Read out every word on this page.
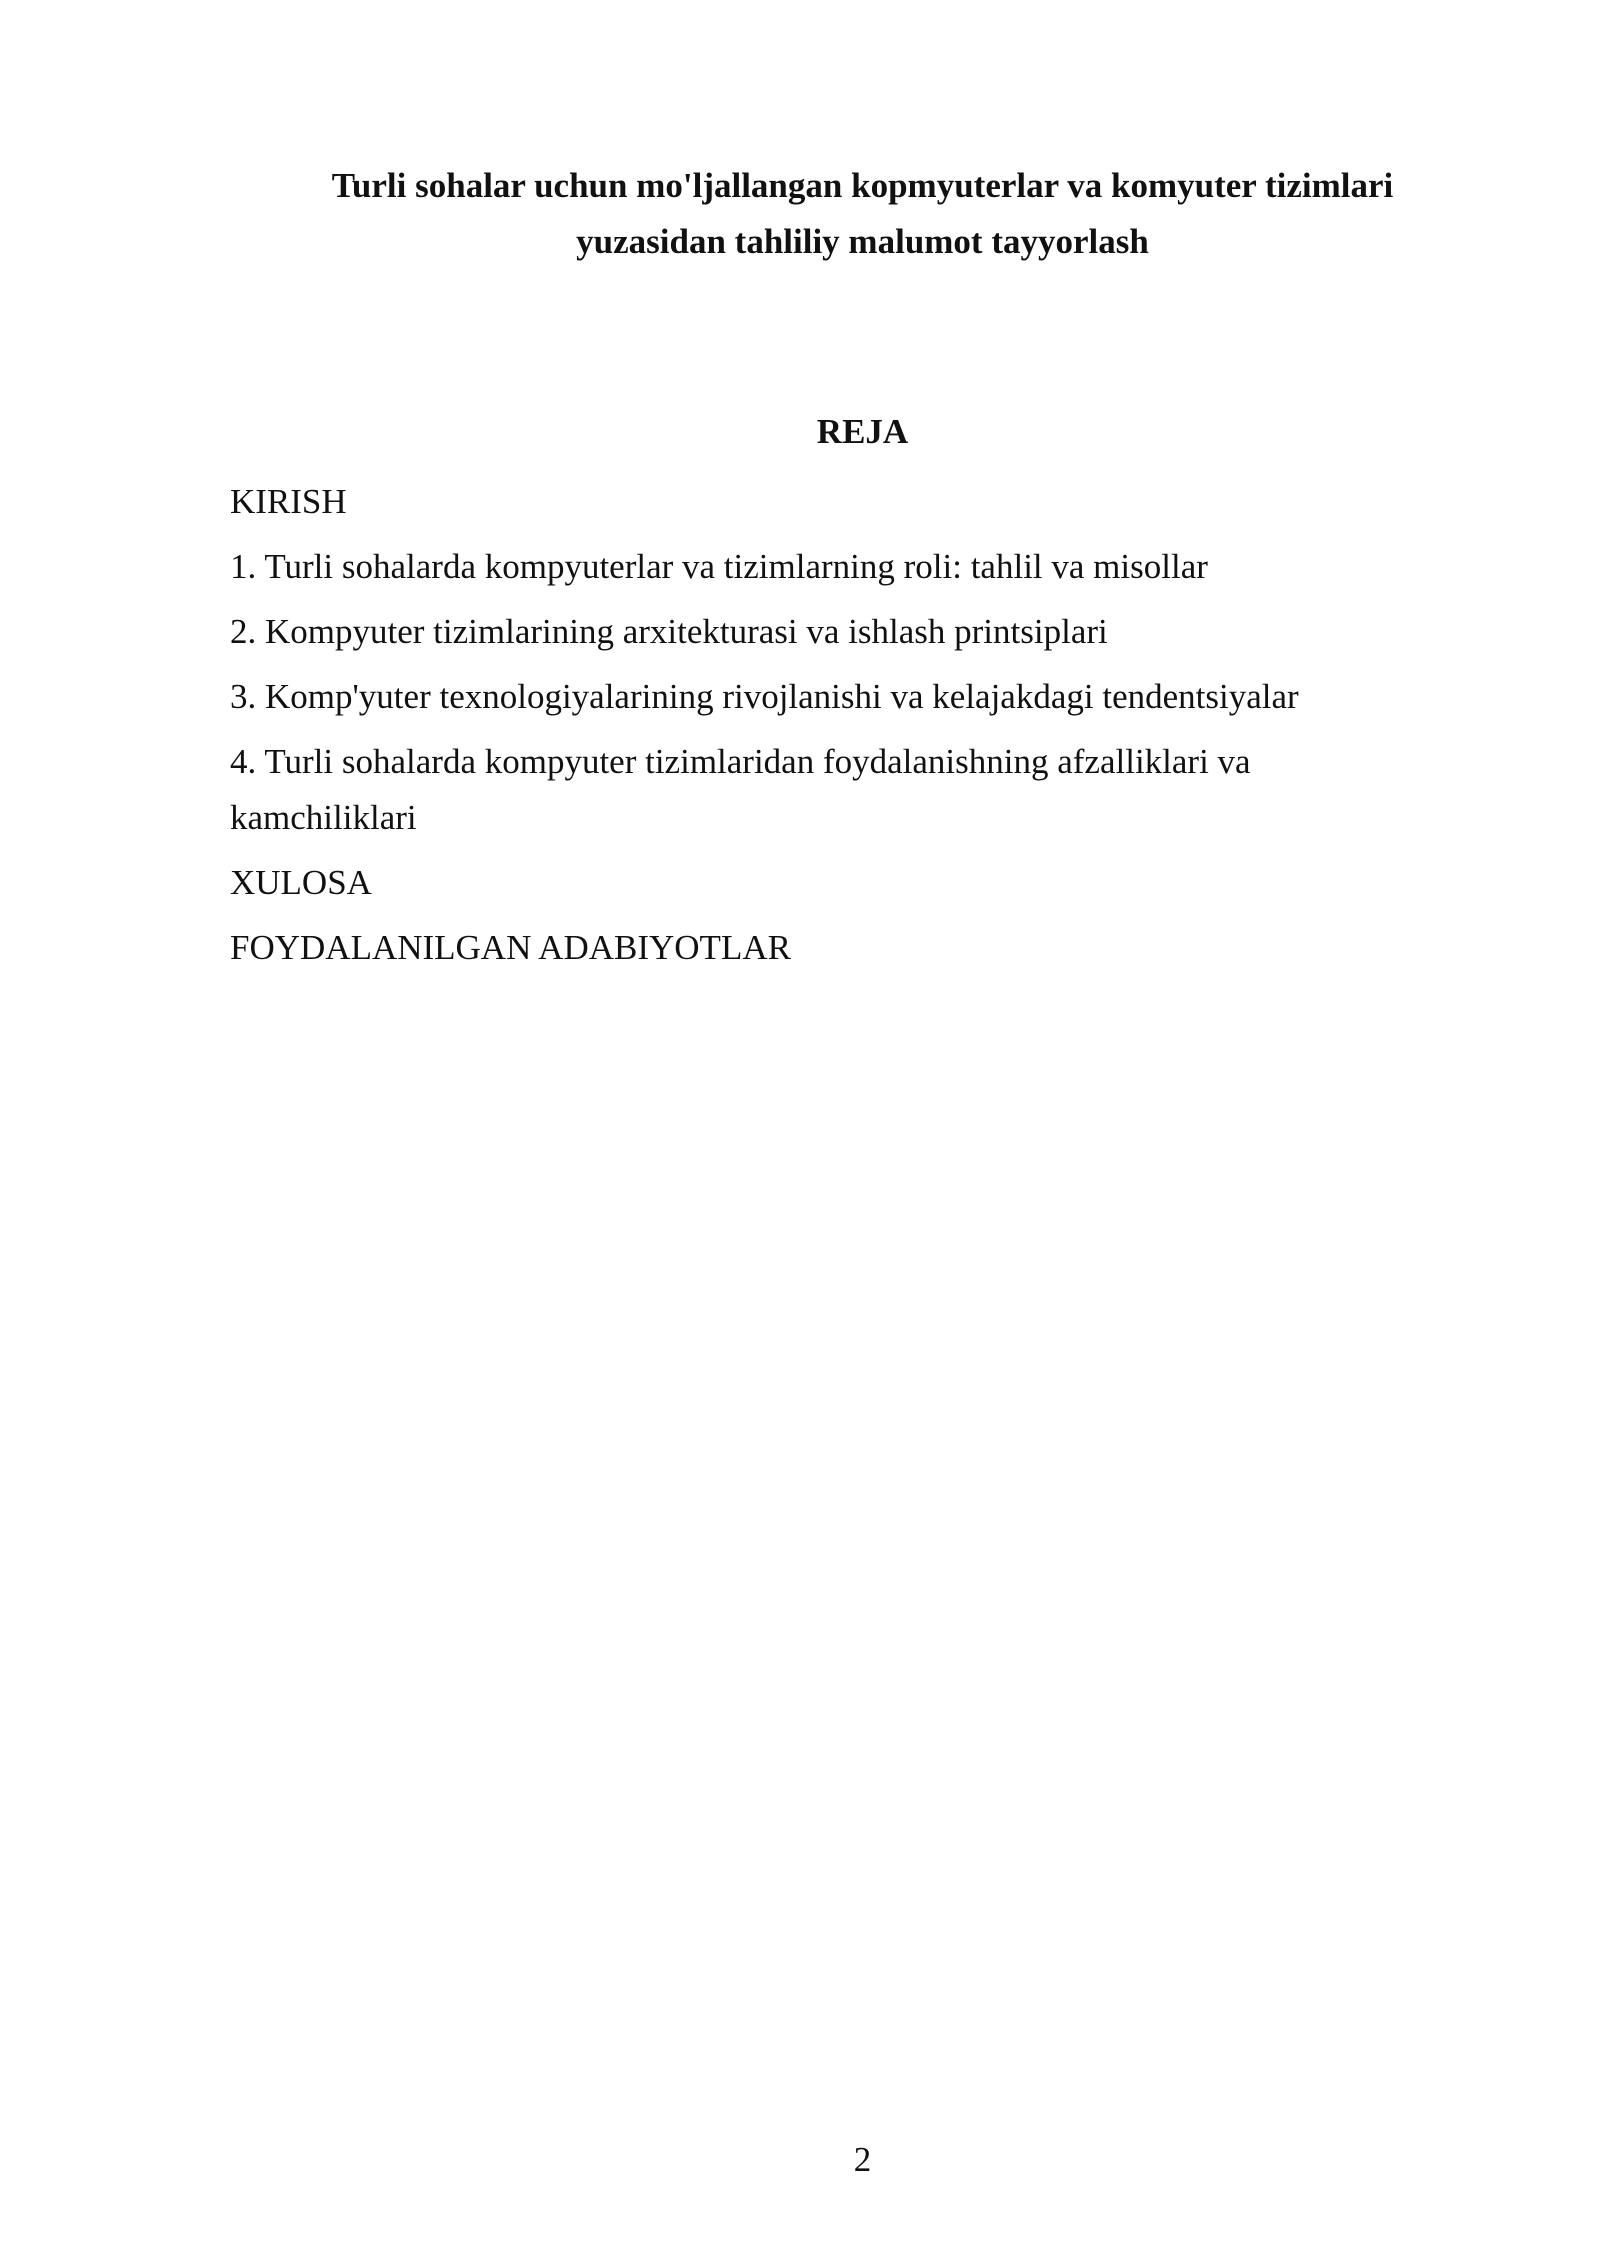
Turli sohalar uchun mo'ljallangan kopmyuterlar va komyuter tizimlari
yuzasidan tahliliy malumot tayyorlash
REJA
KIRISH
1. Turli sohalarda kompyuterlar va tizimlarning roli: tahlil va misollar
2. Kompyuter tizimlarining arxitekturasi va ishlash printsiplari
3. Komp'yuter texnologiyalarining rivojlanishi va kelajakdagi tendentsiyalar
4. Turli sohalarda kompyuter tizimlaridan foydalanishning afzalliklari va kamchiliklari
XULOSA
FOYDALANILGAN ADABIYOTLAR
2
